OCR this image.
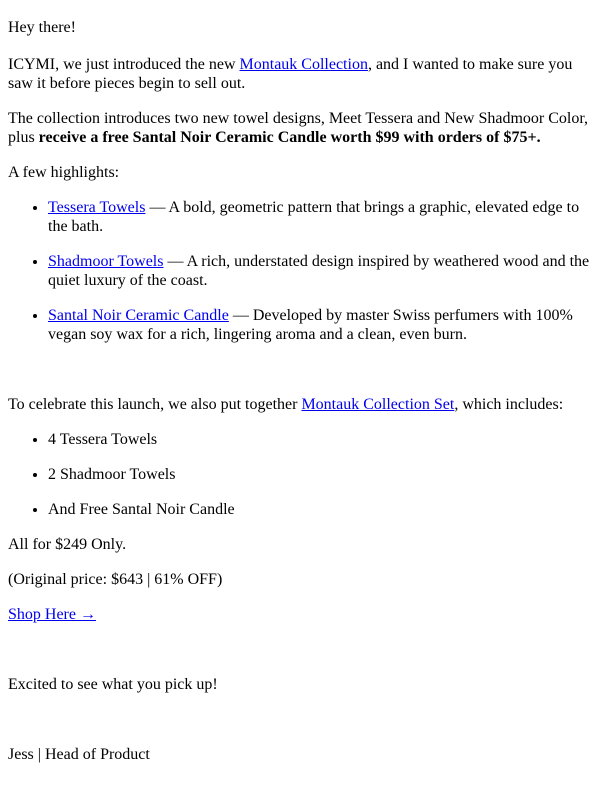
Hey there!

ICYMI, we just introduced the new Montauk Collection, and I wanted to make sure you saw it before pieces begin to sell out.

The collection introduces two new towel designs, Meet Tessera and New Shadmoor Color, plus receive a free Santal Noir Ceramic Candle worth $99 with orders of $75+.

A few highlights:

• Tessera Towels — A bold, geometric pattern that brings a graphic, elevated edge to the bath.
• Shadmoor Towels — A rich, understated design inspired by weathered wood and the quiet luxury of the coast.
• Santal Noir Ceramic Candle — Developed by master Swiss perfumers with 100% vegan soy wax for a rich, lingering aroma and a clean, even burn.

To celebrate this launch, we also put together Montauk Collection Set, which includes:

• 4 Tessera Towels
• 2 Shadmoor Towels
• And Free Santal Noir Candle

All for $249 Only.

(Original price: $643 | 61% OFF)

Shop Here →

Excited to see what you pick up!

Jess | Head of Product
